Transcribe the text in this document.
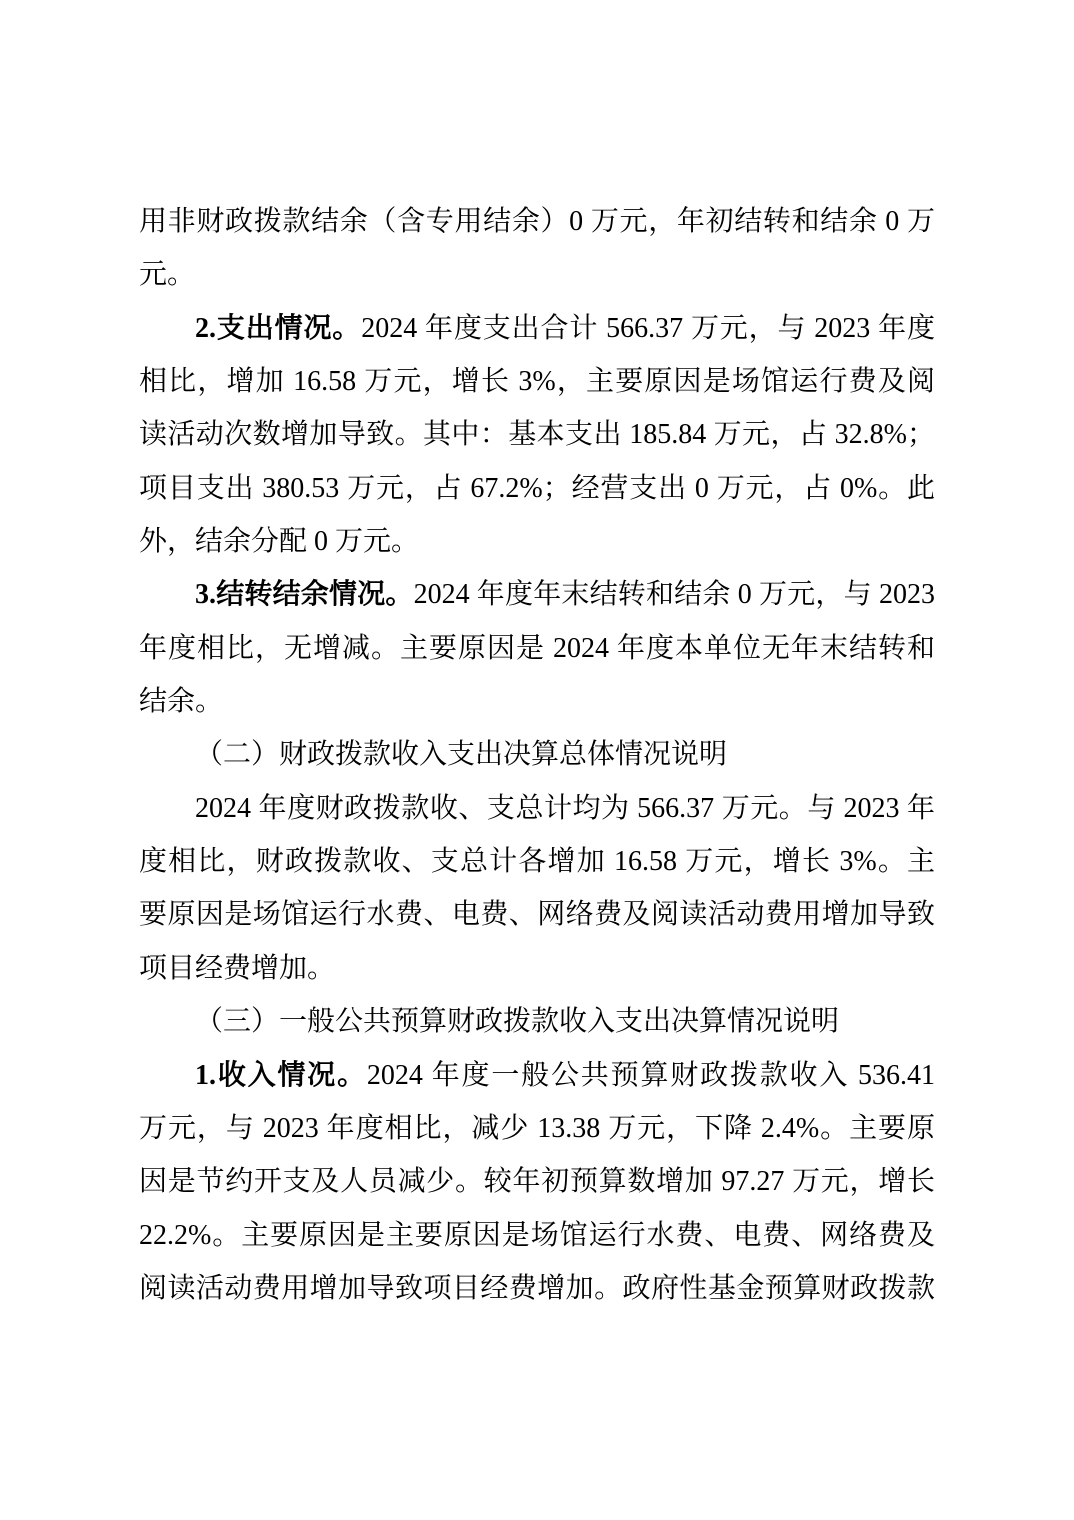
用非财政拨款结余（含专用结余）0 万元，年初结转和结余 0 万
元。
2.支出情况。2024 年度支出合计 566.37 万元，与 2023 年度
相比，增加 16.58 万元，增长 3%，主要原因是场馆运行费及阅
读活动次数增加导致。其中：基本支出 185.84 万元，占 32.8%；
项目支出 380.53 万元，占 67.2%；经营支出 0 万元，占 0%。此
外，结余分配 0 万元。
3.结转结余情况。2024 年度年末结转和结余 0 万元，与 2023
年度相比，无增减。主要原因是 2024 年度本单位无年末结转和
结余。
（二）财政拨款收入支出决算总体情况说明
2024 年度财政拨款收、支总计均为 566.37 万元。与 2023 年
度相比，财政拨款收、支总计各增加 16.58 万元，增长 3%。主
要原因是场馆运行水费、电费、网络费及阅读活动费用增加导致
项目经费增加。
（三）一般公共预算财政拨款收入支出决算情况说明
1.收入情况。2024 年度一般公共预算财政拨款收入 536.41
万元，与 2023 年度相比，减少 13.38 万元，下降 2.4%。主要原
因是节约开支及人员减少。较年初预算数增加 97.27 万元，增长
22.2%。主要原因是主要原因是场馆运行水费、电费、网络费及
阅读活动费用增加导致项目经费增加。政府性基金预算财政拨款
